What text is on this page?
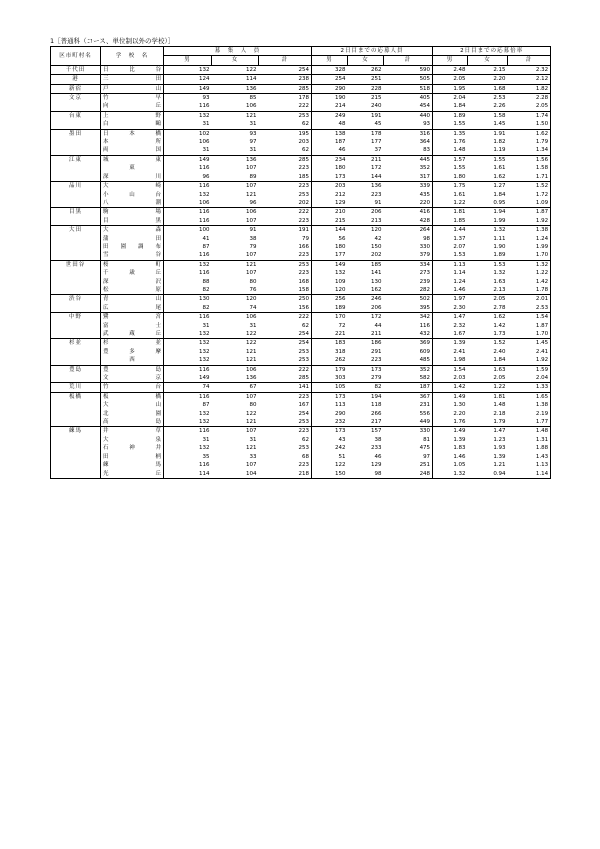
1［普通科（コース、単位制以外の学校）］
区市町村名	学　校　名	募　集　人　員			2日目までの応募人員			2日目までの応募倍率		
		男	女	計	男	女	計	男	女	計
千代田	日 比 谷	132	122	254	328	262	590	2.48	2.15	2.32
港	三 田	124	114	238	254	251	505	2.05	2.20	2.12
新宿	戸 山	149	136	285	290	228	518	1.95	1.68	1.82
文京	竹 早	93	85	178	190	215	405	2.04	2.53	2.28

	向 丘	116	106	222	214	240	454	1.84	2.26	2.05
台東	上 野	132	121	253	249	191	440	1.89	1.58	1.74

	白 鷗	31	31	62	48	45	93	1.55	1.45	1.50
墨田	日 本 橋	102	93	195	138	178	316	1.35	1.91	1.62

	本 所	106	97	203	187	177	364	1.76	1.82	1.79

	両 国	31	31	62	46	37	83	1.48	1.19	1.34
江東	城 東	149	136	285	234	211	445	1.57	1.55	1.56

	東	116	107	223	180	172	352	1.55	1.61	1.58

	深 川	96	89	185	173	144	317	1.80	1.62	1.71
品川	大 崎	116	107	223	203	136	339	1.75	1.27	1.52

	小 山 台	132	121	253	212	223	435	1.61	1.84	1.72

	八 潮	106	96	202	129	91	220	1.22	0.95	1.09
目黒	駒 場	116	106	222	210	206	416	1.81	1.94	1.87

	目 黒	116	107	223	215	213	428	1.85	1.99	1.92
大田	大 森	100	91	191	144	120	264	1.44	1.32	1.38

	蒲 田	41	38	79	56	42	98	1.37	1.11	1.24

	田 園 調 布	87	79	166	180	150	330	2.07	1.90	1.99

	雪 谷	116	107	223	177	202	379	1.53	1.89	1.70
世田谷	桜 町	132	121	253	149	185	334	1.13	1.53	1.32

	千 歳 丘	116	107	223	132	141	273	1.14	1.32	1.22

	深 沢	88	80	168	109	130	239	1.24	1.63	1.42

	松 原	82	76	158	120	162	282	1.46	2.13	1.78
渋谷	青 山	130	120	250	256	246	502	1.97	2.05	2.01

	広 尾	82	74	156	189	206	395	2.30	2.78	2.53
中野	鷺 宮	116	106	222	170	172	342	1.47	1.62	1.54

	富 士	31	31	62	72	44	116	2.32	1.42	1.87

	武 蔵 丘	132	122	254	221	211	432	1.67	1.73	1.70
杉並	杉 並	132	122	254	183	186	369	1.39	1.52	1.45

	豊 多 摩	132	121	253	318	291	609	2.41	2.40	2.41

	西	132	121	253	262	223	485	1.98	1.84	1.92
豊島	豊 島	116	106	222	179	173	352	1.54	1.63	1.59

	文 京	149	136	285	303	279	582	2.03	2.05	2.04
荒川	竹 台	74	67	141	105	82	187	1.42	1.22	1.33
板橋	板 橋	116	107	223	173	194	367	1.49	1.81	1.65

	大 山	87	80	167	113	118	231	1.30	1.48	1.38

	北 園	132	122	254	290	266	556	2.20	2.18	2.19

	高 島	132	121	253	232	217	449	1.76	1.79	1.77
練馬	井 草	116	107	223	173	157	330	1.49	1.47	1.48

	大 泉	31	31	62	43	38	81	1.39	1.23	1.31

	石 神 井	132	121	253	242	233	475	1.83	1.93	1.88

	田 柄	35	33	68	51	46	97	1.46	1.39	1.43

	練 馬	116	107	223	122	129	251	1.05	1.21	1.13

	光 丘	114	104	218	150	98	248	1.32	0.94	1.14
